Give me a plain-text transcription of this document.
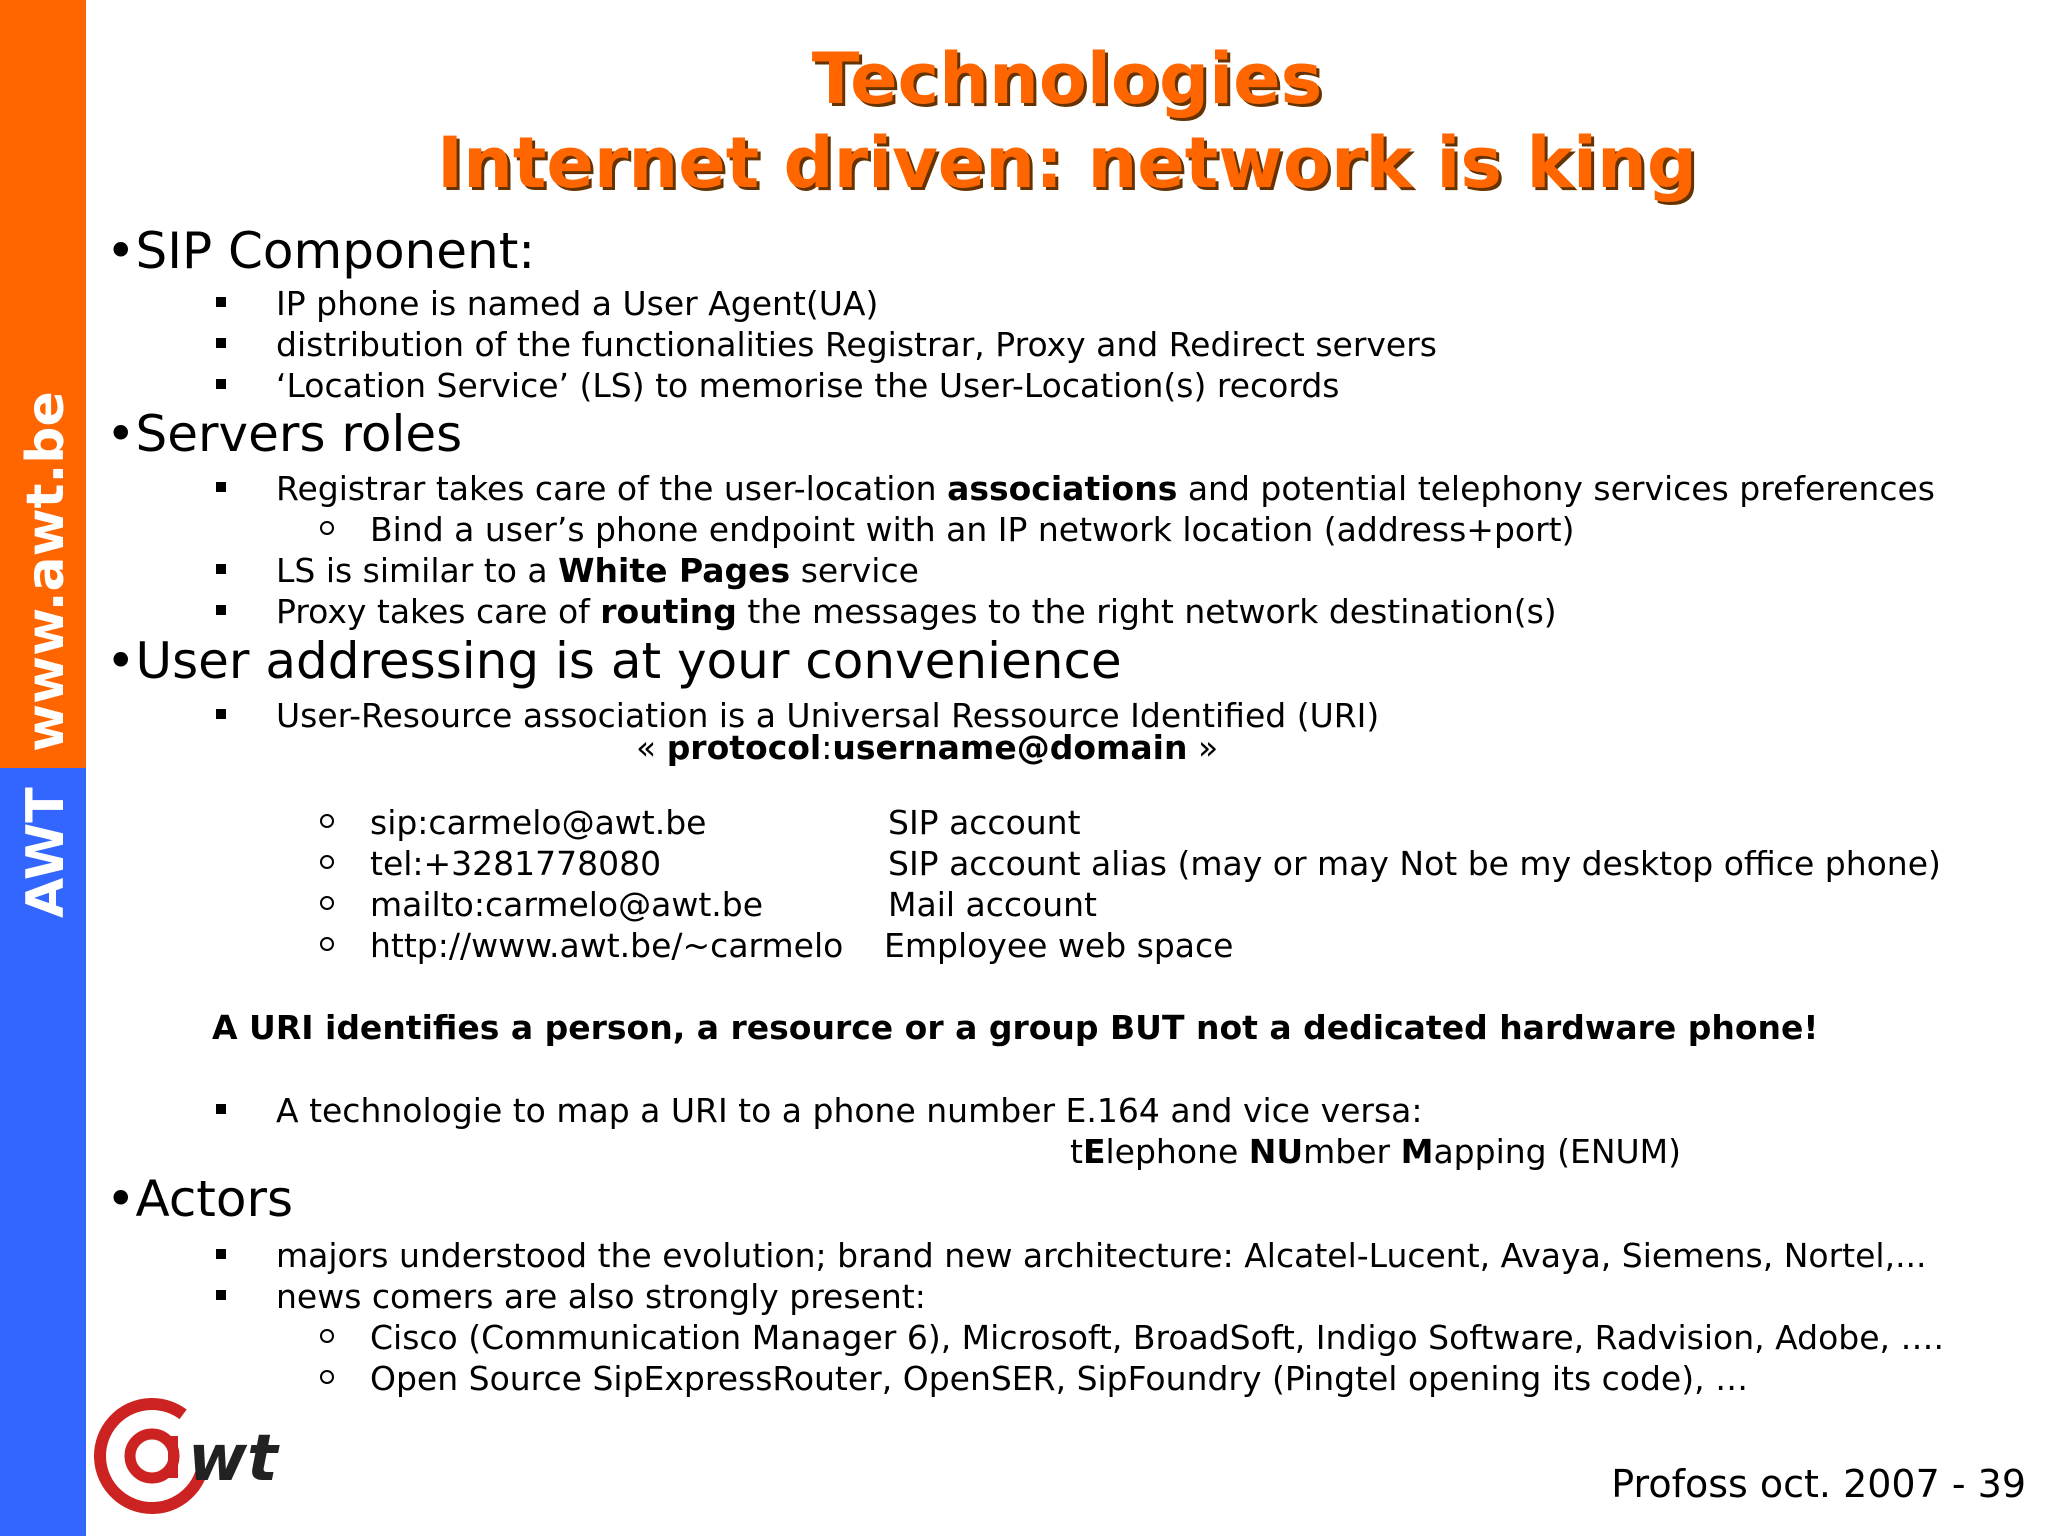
www.awt.be
AWT
Technologies
Internet driven: network is king
•SIP Component:
IP phone is named a User Agent(UA)
distribution of the functionalities Registrar, Proxy and Redirect servers
‘Location Service’ (LS) to memorise the User-Location(s) records
•Servers roles
Registrar takes care of the user-location associations and potential telephony services preferences
Bind a user’s phone endpoint with an IP network location (address+port)
LS is similar to a White Pages service
Proxy takes care of routing the messages to the right network destination(s)
•User addressing is at your convenience
User-Resource association is a Universal Ressource Identified (URI)
« protocol:username@domain »
sip:carmelo@awt.be	SIP account
tel:+3281778080	SIP account alias (may or may Not be my desktop office phone)
mailto:carmelo@awt.be	Mail account
http://www.awt.be/~carmelo Employee web space
A URI identifies a person, a resource or a group BUT not a dedicated hardware phone!
A technologie to map a URI to a phone number E.164 and vice versa:
tElephone NUmber Mapping (ENUM)
•Actors
majors understood the evolution; brand new architecture: Alcatel-Lucent, Avaya, Siemens, Nortel,...
news comers are also strongly present:
Cisco (Communication Manager 6), Microsoft, BroadSoft, Indigo Software, Radvision, Adobe, ….
Open Source SipExpressRouter, OpenSER, SipFoundry (Pingtel opening its code), …
wt	Profoss oct. 2007 - 39
